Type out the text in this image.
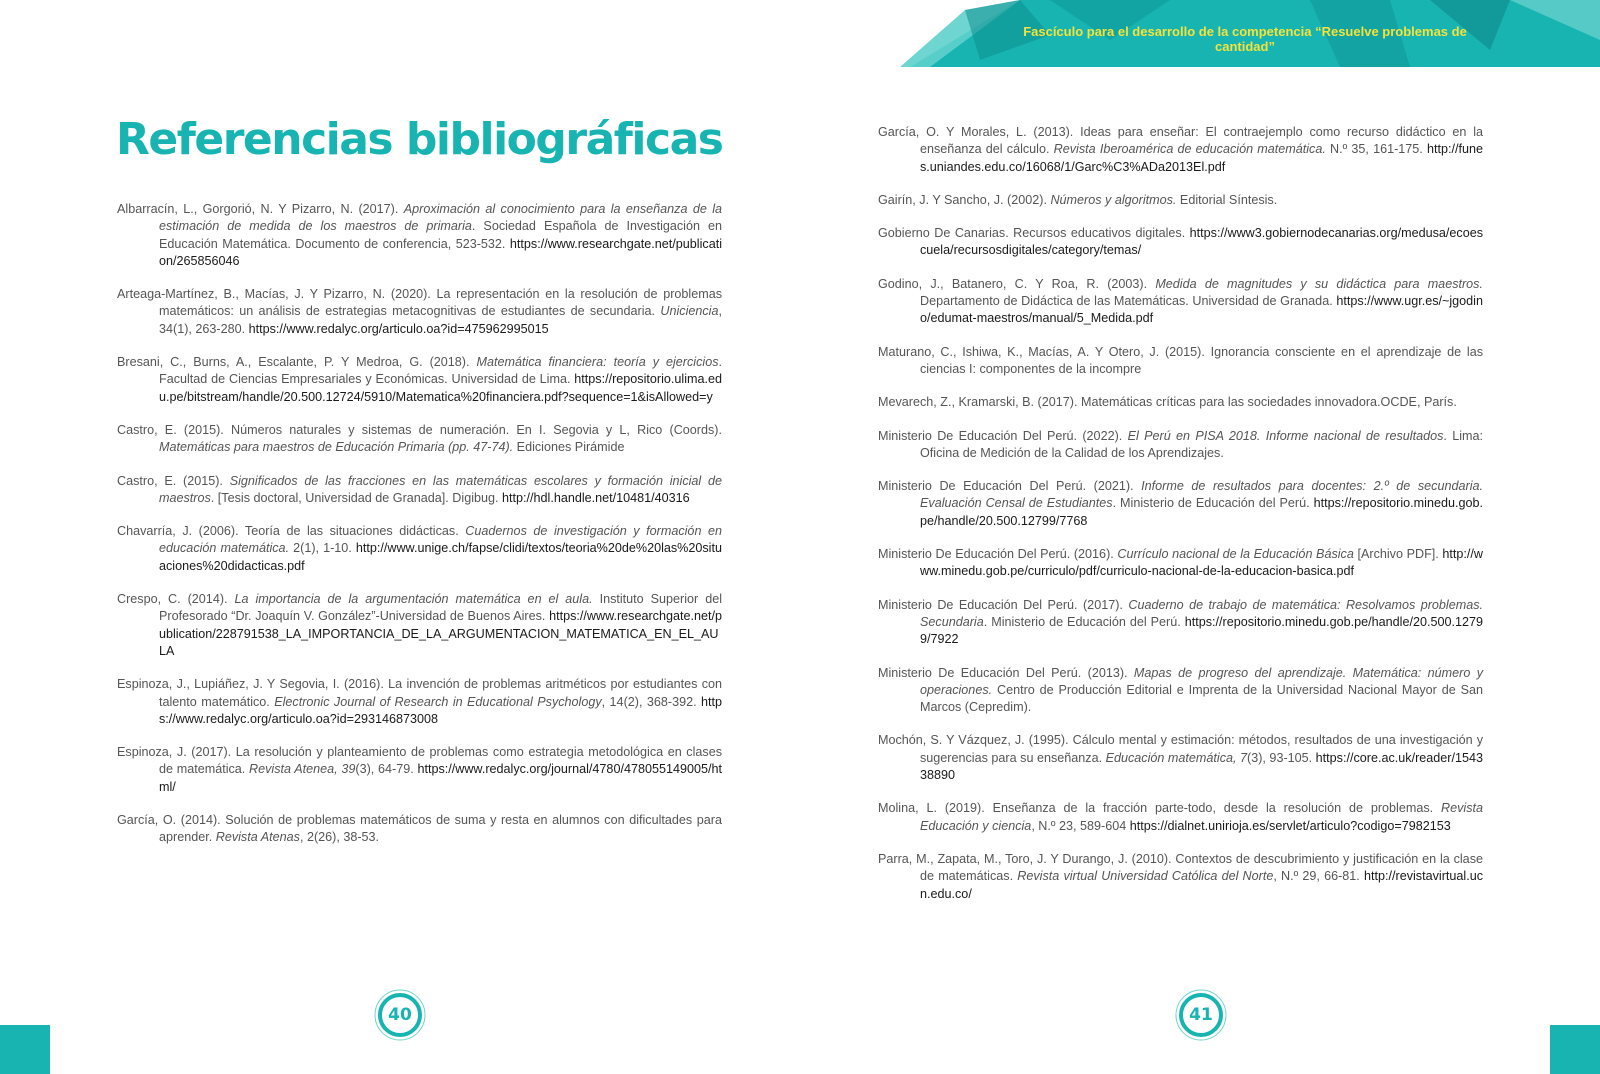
Fascículo para el desarrollo de la competencia “Resuelve problemas de cantidad”
Referencias bibliográficas

Albarracín, L., Gorgorió, N. Y Pizarro, N. (2017). Aproximación al conocimiento para la enseñanza de la estimación de medida de los maestros de primaria. Sociedad Española de Investigación en Educación Matemática. Documento de conferencia, 523-532. https://www.researchgate.net/publication/265856046

Arteaga-Martínez, B., Macías, J. Y Pizarro, N. (2020). La representación en la resolución de problemas matemáticos: un análisis de estrategias metacognitivas de estudiantes de secundaria. Uniciencia, 34(1), 263-280. https://www.redalyc.org/articulo.oa?id=475962995015

Bresani, C., Burns, A., Escalante, P. Y Medroa, G. (2018). Matemática financiera: teoría y ejercicios. Facultad de Ciencias Empresariales y Económicas. Universidad de Lima. https://repositorio.ulima.edu.pe/bitstream/handle/20.500.12724/5910/Matematica%20financiera.pdf?sequence=1&isAllowed=y

Castro, E. (2015). Números naturales y sistemas de numeración. En I. Segovia y L, Rico (Coords). Matemáticas para maestros de Educación Primaria (pp. 47-74). Ediciones Pirámide

Castro, E. (2015). Significados de las fracciones en las matemáticas escolares y formación inicial de maestros. [Tesis doctoral, Universidad de Granada]. Digibug. http://hdl.handle.net/10481/40316

Chavarría, J. (2006). Teoría de las situaciones didácticas. Cuadernos de investigación y formación en educación matemática. 2(1), 1-10. http://www.unige.ch/fapse/clidi/textos/teoria%20de%20las%20situaciones%20didacticas.pdf

Crespo, C. (2014). La importancia de la argumentación matemática en el aula. Instituto Superior del Profesorado “Dr. Joaquín V. González”-Universidad de Buenos Aires. https://www.researchgate.net/publication/228791538_LA_IMPORTANCIA_DE_LA_ARGUMENTACION_MATEMATICA_EN_EL_AULA

Espinoza, J., Lupiáñez, J. Y Segovia, I. (2016). La invención de problemas aritméticos por estudiantes con talento matemático. Electronic Journal of Research in Educational Psychology, 14(2), 368-392. https://www.redalyc.org/articulo.oa?id=293146873008

Espinoza, J. (2017). La resolución y planteamiento de problemas como estrategia metodológica en clases de matemática. Revista Atenea, 39(3), 64-79. https://www.redalyc.org/journal/4780/478055149005/html/

García, O. (2014). Solución de problemas matemáticos de suma y resta en alumnos con dificultades para aprender. Revista Atenas, 2(26), 38-53.

García, O. Y Morales, L. (2013). Ideas para enseñar: El contraejemplo como recurso didáctico en la enseñanza del cálculo. Revista Iberoamérica de educación matemática. N.º 35, 161-175. http://funes.uniandes.edu.co/16068/1/Garc%C3%ADa2013El.pdf

Gairín, J. Y Sancho, J. (2002). Números y algoritmos. Editorial Síntesis.

Gobierno De Canarias. Recursos educativos digitales. https://www3.gobiernodecanarias.org/medusa/ecoescuela/recursosdigitales/category/temas/

Godino, J., Batanero, C. Y Roa, R. (2003). Medida de magnitudes y su didáctica para maestros. Departamento de Didáctica de las Matemáticas. Universidad de Granada. https://www.ugr.es/~jgodino/edumat-maestros/manual/5_Medida.pdf

Maturano, C., Ishiwa, K., Macías, A. Y Otero, J. (2015). Ignorancia consciente en el aprendizaje de las ciencias I: componentes de la incompre

Mevarech, Z., Kramarski, B. (2017). Matemáticas críticas para las sociedades innovadora.OCDE, París.

Ministerio De Educación Del Perú. (2022). El Perú en PISA 2018. Informe nacional de resultados. Lima: Oficina de Medición de la Calidad de los Aprendizajes.

Ministerio De Educación Del Perú. (2021). Informe de resultados para docentes: 2.º de secundaria. Evaluación Censal de Estudiantes. Ministerio de Educación del Perú. https://repositorio.minedu.gob.pe/handle/20.500.12799/7768

Ministerio De Educación Del Perú. (2016). Currículo nacional de la Educación Básica [Archivo PDF]. http://www.minedu.gob.pe/curriculo/pdf/curriculo-nacional-de-la-educacion-basica.pdf

Ministerio De Educación Del Perú. (2017). Cuaderno de trabajo de matemática: Resolvamos problemas. Secundaria. Ministerio de Educación del Perú. https://repositorio.minedu.gob.pe/handle/20.500.12799/7922

Ministerio De Educación Del Perú. (2013). Mapas de progreso del aprendizaje. Matemática: número y operaciones. Centro de Producción Editorial e Imprenta de la Universidad Nacional Mayor de San Marcos (Cepredim).

Mochón, S. Y Vázquez, J. (1995). Cálculo mental y estimación: métodos, resultados de una investigación y sugerencias para su enseñanza. Educación matemática, 7(3), 93-105. https://core.ac.uk/reader/154338890

Molina, L. (2019). Enseñanza de la fracción parte-todo, desde la resolución de problemas. Revista Educación y ciencia, N.º 23, 589-604 https://dialnet.unirioja.es/servlet/articulo?codigo=7982153

Parra, M., Zapata, M., Toro, J. Y Durango, J. (2010). Contextos de descubrimiento y justificación en la clase de matemáticas. Revista virtual Universidad Católica del Norte, N.º 29, 66-81. http://revistavirtual.ucn.edu.co/

40	41
